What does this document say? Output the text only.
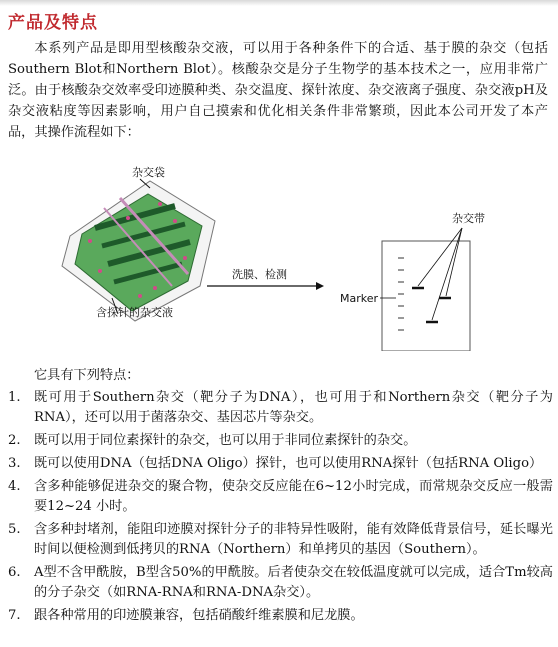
产品及特点

本系列产品是即用型核酸杂交液，可以用于各种条件下的合适、基于膜的杂交（包括Southern Blot和Northern Blot）。核酸杂交是分子生物学的基本技术之一，应用非常广泛。由于核酸杂交效率受印迹膜种类、杂交温度、探针浓度、杂交液离子强度、杂交液pH及杂交液粘度等因素影响，用户自己摸索和优化相关条件非常繁琐，因此本公司开发了本产品，其操作流程如下：

杂交袋
含探针的杂交液
洗膜、检测
Marker
杂交带

它具有下列特点：

1. 既可用于Southern杂交（靶分子为DNA），也可用于和Northern杂交（靶分子为RNA），还可以用于菌落杂交、基因芯片等杂交。
2. 既可以用于同位素探针的杂交，也可以用于非同位素探针的杂交。
3. 既可以使用DNA（包括DNA Oligo）探针，也可以使用RNA探针（包括RNA Oligo）
4. 含多种能够促进杂交的聚合物，使杂交反应能在6~12小时完成，而常规杂交反应一般需要12~24 小时。
5. 含多种封堵剂，能阻印迹膜对探针分子的非特异性吸附，能有效降低背景信号，延长曝光时间以便检测到低拷贝的RNA（Northern）和单拷贝的基因（Southern）。
6. A型不含甲酰胺，B型含50%的甲酰胺。后者使杂交在较低温度就可以完成，适合Tm较高的分子杂交（如RNA-RNA和RNA-DNA杂交）。
7. 跟各种常用的印迹膜兼容，包括硝酸纤维素膜和尼龙膜。
